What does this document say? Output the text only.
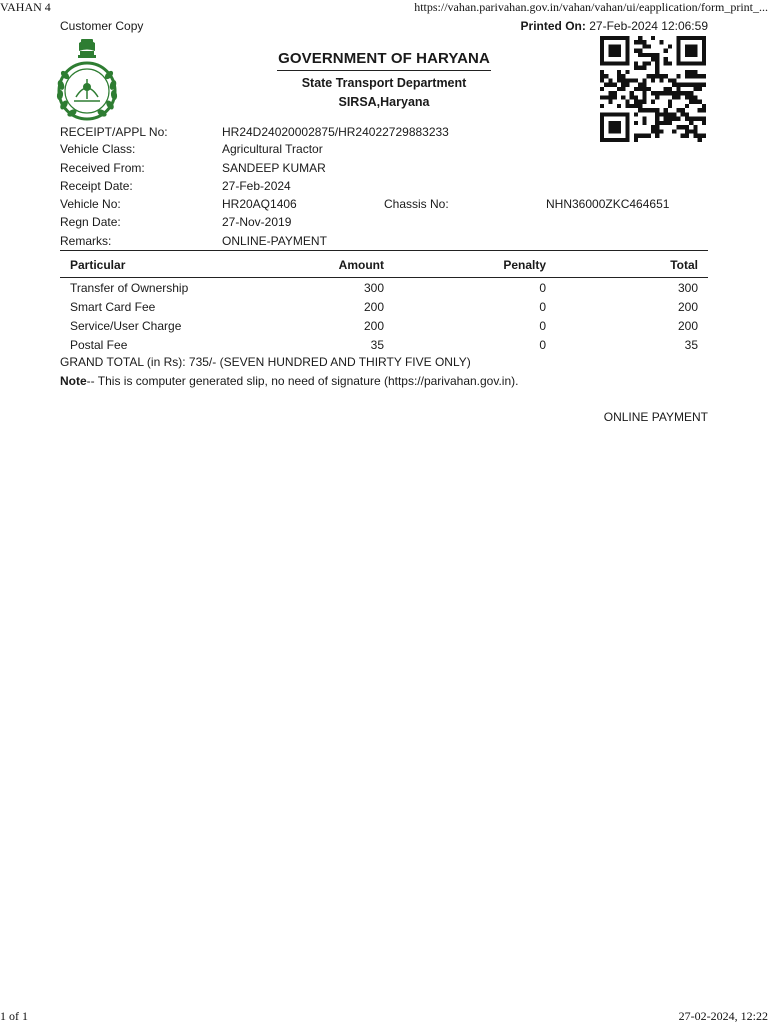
VAHAN 4	https://vahan.parivahan.gov.in/vahan/vahan/ui/eapplication/form_print_...
Customer Copy	Printed On: 27-Feb-2024 12:06:59
GOVERNMENT OF HARYANA
State Transport Department
SIRSA,Haryana
RECEIPT/APPL No:	HR24D24020002875/HR24022729883233
Vehicle Class:	Agricultural Tractor
Received From:	SANDEEP KUMAR
Receipt Date:	27-Feb-2024
Vehicle No:	HR20AQ1406	Chassis No:	NHN36000ZKC464651
Regn Date:	27-Nov-2019
Remarks:	ONLINE-PAYMENT
Particular	Amount	Penalty	Total
Transfer of Ownership	300	0	300
Smart Card Fee	200	0	200
Service/User Charge	200	0	200
Postal Fee	35	0	35
GRAND TOTAL (in Rs): 735/- (SEVEN HUNDRED AND THIRTY FIVE ONLY)
Note-- This is computer generated slip, no need of signature (https://parivahan.gov.in).
ONLINE PAYMENT
1 of 1	27-02-2024, 12:22
